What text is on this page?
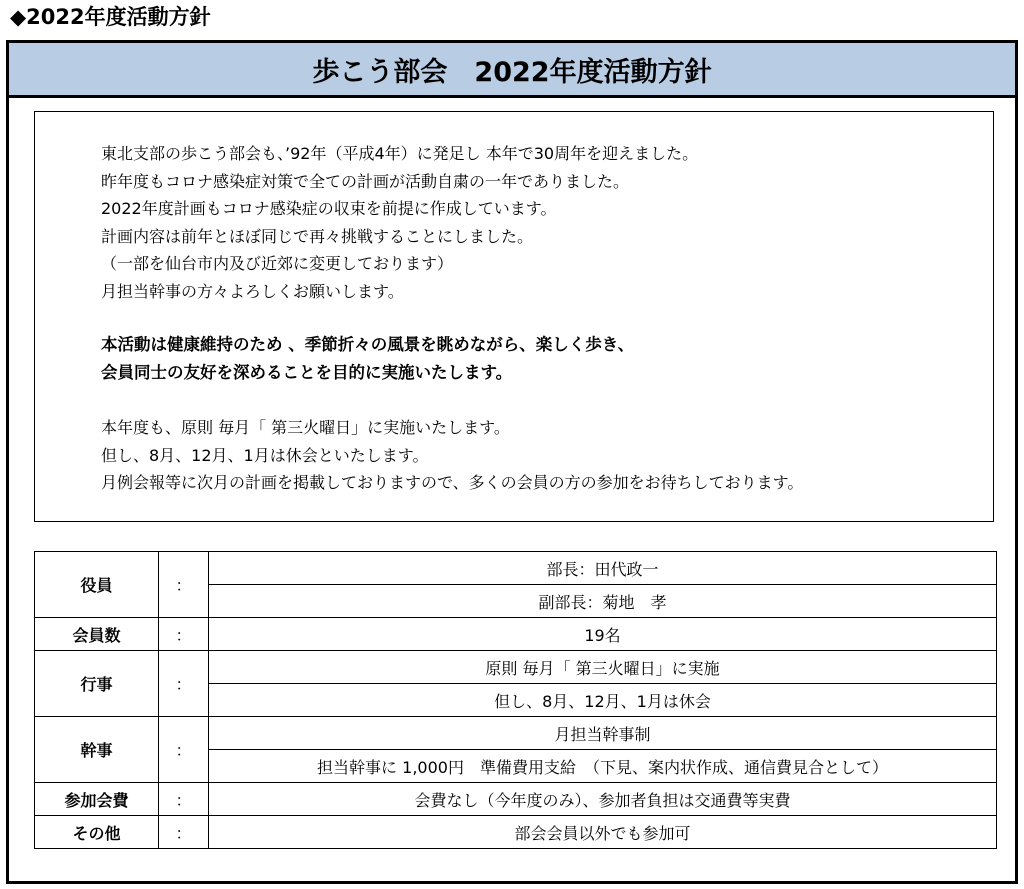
◆2022年度活動方針
歩こう部会　2022年度活動方針
東北支部の歩こう部会も、’92年（平成4年）に発足し 本年で30周年を迎えました。
昨年度もコロナ感染症対策で全ての計画が活動自粛の一年でありました。
2022年度計画もコロナ感染症の収束を前提に作成しています。
計画内容は前年とほぼ同じで再々挑戦することにしました。
（一部を仙台市内及び近郊に変更しております）
月担当幹事の方々よろしくお願いします。
本活動は健康維持のため 、季節折々の風景を眺めながら、楽しく歩き、
会員同士の友好を深めることを目的に実施いたします。
本年度も、原則 毎月「 第三火曜日」に実施いたします。
但し、8月、12月、1月は休会といたします。
月例会報等に次月の計画を掲載しておりますので、多くの会員の方の参加をお待ちしております。
役員	：	部長：田代政一
		副部長：菊地　孝
会員数	：	19名
行事	：	原則 毎月「 第三火曜日」に実施
		但し、8月、12月、1月は休会
幹事	：	月担当幹事制
		担当幹事に 1,000円　準備費用支給　（下見、案内状作成、通信費見合として）
参加会費	：	会費なし（今年度のみ）、参加者負担は交通費等実費
その他	：	部会会員以外でも参加可
